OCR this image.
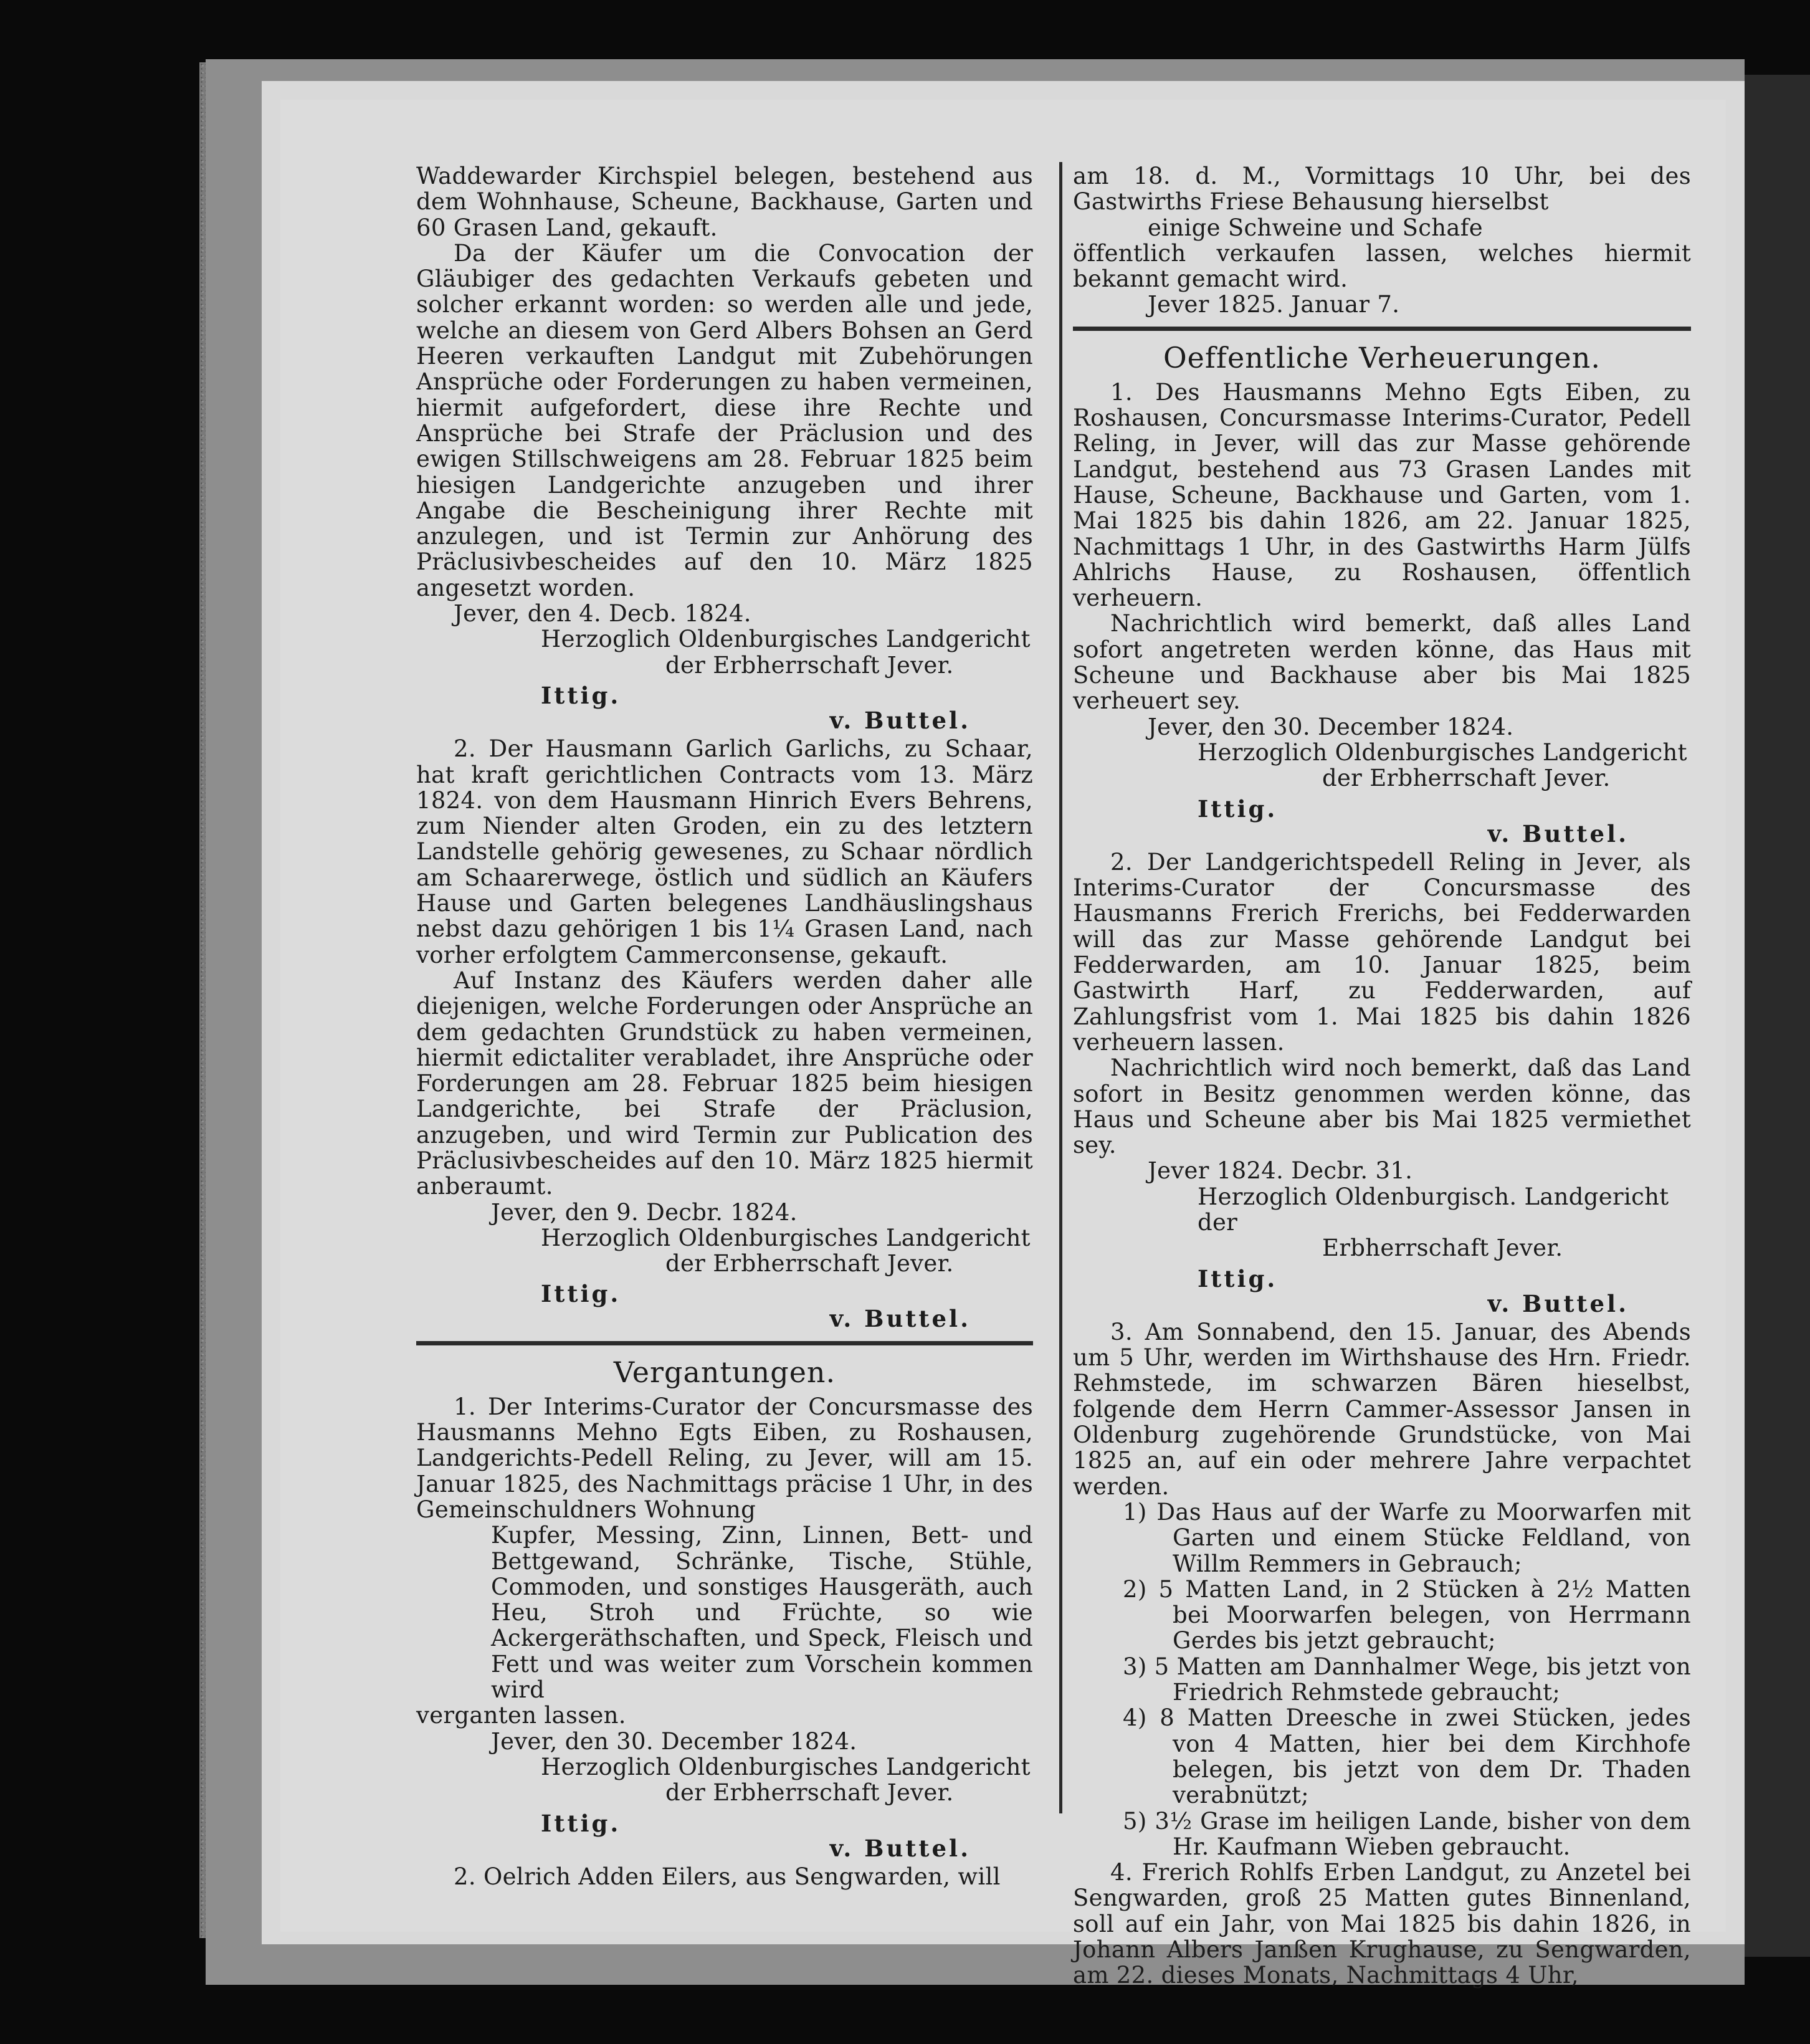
Waddewarder Kirchspiel belegen, bestehend aus dem Wohnhause, Scheune, Backhause, Garten und 60 Grasen Land, gekauft.

Da der Käufer um die Convocation der Gläubiger des gedachten Verkaufs gebeten und solcher erkannt worden: so werden alle und jede, welche an diesem von Gerd Albers Bohsen an Gerd Heeren verkauften Landgut mit Zubehörungen Ansprüche oder Forderungen zu haben vermeinen, hiermit aufgefordert, diese ihre Rechte und Ansprüche bei Strafe der Präclusion und des ewigen Stillschweigens am 28. Februar 1825 beim hiesigen Landgerichte anzugeben und ihrer Angabe die Bescheinigung ihrer Rechte mit anzulegen, und ist Termin zur Anhörung des Präclusivbescheides auf den 10. März 1825 angesetzt worden.

Jever, den 4. Decb. 1824.

Herzoglich Oldenburgisches Landgericht

der Erbherrschaft Jever.

Ittig.
v. Buttel.

2. Der Hausmann Garlich Garlichs, zu Schaar, hat kraft gerichtlichen Contracts vom 13. März 1824. von dem Hausmann Hinrich Evers Behrens, zum Niender alten Groden, ein zu des letztern Landstelle gehörig gewesenes, zu Schaar nördlich am Schaarerwege, östlich und südlich an Käufers Hause und Garten belegenes Landhäuslingshaus nebst dazu gehörigen 1 bis 1¼ Grasen Land, nach vorher erfolgtem Cammerconsense, gekauft.

Auf Instanz des Käufers werden daher alle diejenigen, welche Forderungen oder Ansprüche an dem gedachten Grundstück zu haben vermeinen, hiermit edictaliter verabladet, ihre Ansprüche oder Forderungen am 28. Februar 1825 beim hiesigen Landgerichte, bei Strafe der Präclusion, anzugeben, und wird Termin zur Publication des Präclusivbescheides auf den 10. März 1825 hiermit anberaumt.

Jever, den 9. Decbr. 1824.

Herzoglich Oldenburgisches Landgericht

der Erbherrschaft Jever.

Ittig.
v. Buttel.
Vergantungen.

1. Der Interims-Curator der Concursmasse des Hausmanns Mehno Egts Eiben, zu Roshausen, Landgerichts-Pedell Reling, zu Jever, will am 15. Januar 1825, des Nachmittags präcise 1 Uhr, in des Gemeinschuldners Wohnung

Kupfer, Messing, Zinn, Linnen, Bett- und Bettgewand, Schränke, Tische, Stühle, Commoden, und sonstiges Hausgeräth, auch Heu, Stroh und Früchte, so wie Ackergeräthschaften, und Speck, Fleisch und Fett und was weiter zum Vorschein kommen wird

verganten lassen.

Jever, den 30. December 1824.

Herzoglich Oldenburgisches Landgericht

der Erbherrschaft Jever.

Ittig.
v. Buttel.

2. Oelrich Adden Eilers, aus Sengwarden, will

am 18. d. M., Vormittags 10 Uhr, bei des Gastwirths Friese Behausung hierselbst

einige Schweine und Schafe

öffentlich verkaufen lassen, welches hiermit bekannt gemacht wird.

Jever 1825. Januar 7.

Oeffentliche Verheuerungen.

1. Des Hausmanns Mehno Egts Eiben, zu Roshausen, Concursmasse Interims-Curator, Pedell Reling, in Jever, will das zur Masse gehörende Landgut, bestehend aus 73 Grasen Landes mit Hause, Scheune, Backhause und Garten, vom 1. Mai 1825 bis dahin 1826, am 22. Januar 1825, Nachmittags 1 Uhr, in des Gastwirths Harm Jülfs Ahlrichs Hause, zu Roshausen, öffentlich verheuern.

Nachrichtlich wird bemerkt, daß alles Land sofort angetreten werden könne, das Haus mit Scheune und Backhause aber bis Mai 1825 verheuert sey.

Jever, den 30. December 1824.

Herzoglich Oldenburgisches Landgericht

der Erbherrschaft Jever.

Ittig.
v. Buttel.

2. Der Landgerichtspedell Reling in Jever, als Interims-Curator der Concursmasse des Hausmanns Frerich Frerichs, bei Fedderwarden will das zur Masse gehörende Landgut bei Fedderwarden, am 10. Januar 1825, beim Gastwirth Harf, zu Fedderwarden, auf Zahlungsfrist vom 1. Mai 1825 bis dahin 1826 verheuern lassen.

Nachrichtlich wird noch bemerkt, daß das Land sofort in Besitz genommen werden könne, das Haus und Scheune aber bis Mai 1825 vermiethet sey.

Jever 1824. Decbr. 31.

Herzoglich Oldenburgisch. Landgericht der

Erbherrschaft Jever.

Ittig.
v. Buttel.

3. Am Sonnabend, den 15. Januar, des Abends um 5 Uhr, werden im Wirthshause des Hrn. Friedr. Rehmstede, im schwarzen Bären hieselbst, folgende dem Herrn Cammer-Assessor Jansen in Oldenburg zugehörende Grundstücke, von Mai 1825 an, auf ein oder mehrere Jahre verpachtet werden.

1) Das Haus auf der Warfe zu Moorwarfen mit Garten und einem Stücke Feldland, von Willm Remmers in Gebrauch;

2) 5 Matten Land, in 2 Stücken à 2½ Matten bei Moorwarfen belegen, von Herrmann Gerdes bis jetzt gebraucht;

3) 5 Matten am Dannhalmer Wege, bis jetzt von Friedrich Rehmstede gebraucht;

4) 8 Matten Dreesche in zwei Stücken, jedes von 4 Matten, hier bei dem Kirchhofe belegen, bis jetzt von dem Dr. Thaden verabnützt;

5) 3½ Grase im heiligen Lande, bisher von dem Hr. Kaufmann Wieben gebraucht.

4. Frerich Rohlfs Erben Landgut, zu Anzetel bei Sengwarden, groß 25 Matten gutes Binnenland, soll auf ein Jahr, von Mai 1825 bis dahin 1826, in Johann Albers Janßen Krughause, zu Sengwarden, am 22. dieses Monats, Nachmittags 4 Uhr,
